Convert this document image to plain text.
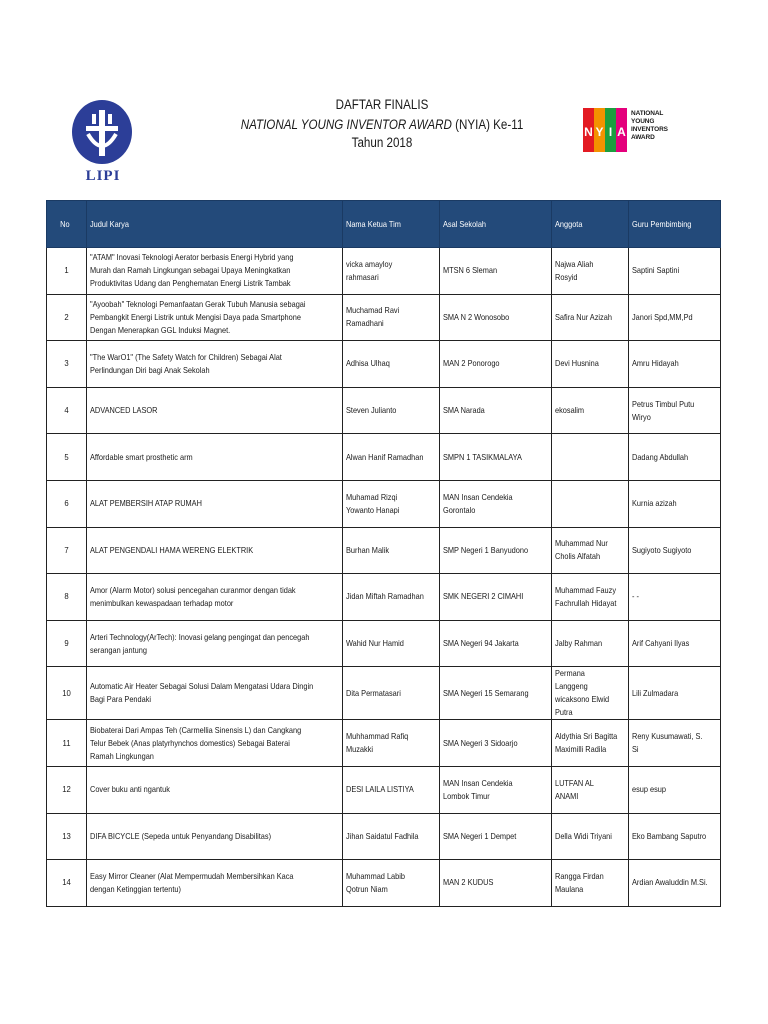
LIPI
DAFTAR FINALIS
NATIONAL YOUNG INVENTOR AWARD (NYIA) Ke-11 Tahun 2018
N Y I A
NATIONAL
YOUNG
INVENTORS
AWARD
No	Judul Karya	Nama Ketua Tim	Asal Sekolah	Anggota	Guru Pembimbing

1	"ATAM" Inovasi Teknologi Aerator berbasis Energi Hybrid yang Murah dan Ramah Lingkungan sebagai Upaya Meningkatkan Produktivitas Udang dan Penghematan Energi Listrik Tambak	vicka amayloy rahmasari	MTSN 6 Sleman	Najwa Aliah Rosyid	Saptini Saptini

2	"Ayoobah" Teknologi Pemanfaatan Gerak Tubuh Manusia sebagai Pembangkit Energi Listrik untuk Mengisi Daya pada Smartphone Dengan Menerapkan GGL Induksi Magnet.	Muchamad Ravi Ramadhani	SMA N 2 Wonosobo	Safira Nur Azizah	Janori Spd,MM,Pd

3	"The WarO1" (The Safety Watch for Children) Sebagai Alat Perlindungan Diri bagi Anak Sekolah	Adhisa Ulhaq	MAN 2 Ponorogo	Devi Husnina	Amru Hidayah

4	ADVANCED LASOR	Steven Julianto	SMA Narada	ekosalim	Petrus Timbul Putu Wiryo

5	Affordable smart prosthetic arm	Alwan Hanif Ramadhan	SMPN 1 TASIKMALAYA		Dadang Abdullah

6	ALAT PEMBERSIH ATAP RUMAH	Muhamad Rizqi Yowanto Hanapi	MAN Insan Cendekia Gorontalo		Kurnia azizah

7	ALAT PENGENDALI HAMA WERENG ELEKTRIK	Burhan Malik	SMP Negeri 1 Banyudono	Muhammad Nur Cholis Alfatah	Sugiyoto Sugiyoto

8	Amor (Alarm Motor) solusi pencegahan curanmor dengan tidak menimbulkan kewaspadaan terhadap motor	Jidan Miftah Ramadhan	SMK NEGERI 2 CIMAHI	Muhammad Fauzy Fachrullah Hidayat	- -

9	Arteri Technology(ArTech): Inovasi gelang pengingat dan pencegah serangan jantung	Wahid Nur Hamid	SMA Negeri 94 Jakarta	Jalby Rahman	Arif Cahyani Ilyas

10	Automatic Air Heater Sebagai Solusi Dalam Mengatasi Udara Dingin Bagi Para Pendaki	Dita Permatasari	SMA Negeri 15 Semarang	Permana Langgeng wicaksono Elwid Putra	Lili Zulmadara

11	Biobaterai Dari Ampas Teh (Carmellia Sinensis L) dan Cangkang Telur Bebek (Anas platyrhynchos domestics) Sebagai Baterai Ramah Lingkungan	Muhhammad Rafiq Muzakki	SMA Negeri 3 Sidoarjo	Aldythia Sri Bagitta Maximilli Radila	Reny Kusumawati, S. Si

12	Cover buku anti ngantuk	DESI LAILA LISTIYA	MAN Insan Cendekia Lombok Timur	LUTFAN AL ANAMI	esup esup

13	DIFA BICYCLE (Sepeda untuk Penyandang Disabilitas)	Jihan Saidatul Fadhila	SMA Negeri 1 Dempet	Della Widi Triyani	Eko Bambang Saputro

14	Easy Mirror Cleaner (Alat Mempermudah Membersihkan Kaca dengan Ketinggian tertentu)	Muhammad Labib Qotrun Niam	MAN 2 KUDUS	Rangga Firdan Maulana	Ardian Awaluddin M.Si.
